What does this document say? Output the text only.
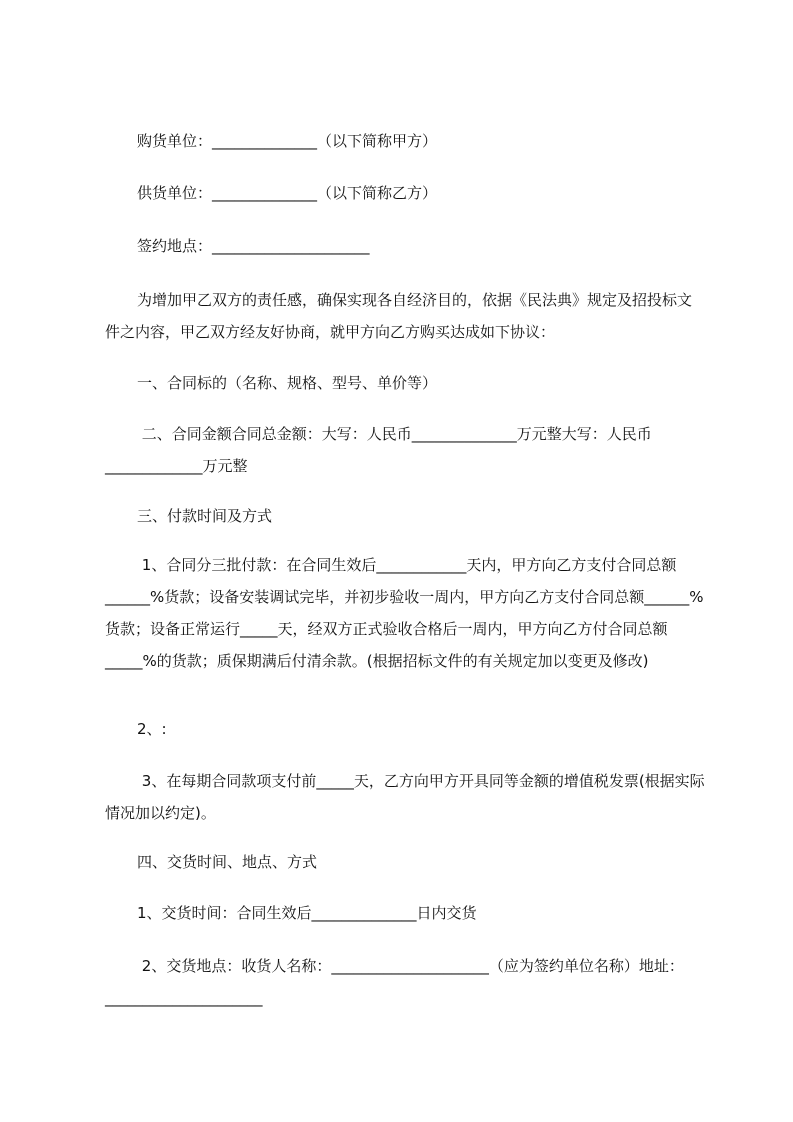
购货单位：______________（以下简称甲方）
供货单位：______________（以下简称乙方）
签约地点：_____________________
为增加甲乙双方的责任感，确保实现各自经济目的，依据《民法典》规定及招投标文件之内容，甲乙双方经友好协商，就甲方向乙方购买达成如下协议：
一、合同标的（名称、规格、型号、单价等）
二、合同金额合同总金额：大写：人民币______________万元整大写：人民币_____________万元整
三、付款时间及方式
1、合同分三批付款：在合同生效后____________天内，甲方向乙方支付合同总额______%货款；设备安装调试完毕，并初步验收一周内，甲方向乙方支付合同总额______%货款；设备正常运行_____天，经双方正式验收合格后一周内，甲方向乙方付合同总额_____%的货款；质保期满后付清余款。(根据招标文件的有关规定加以变更及修改)
2、:
3、在每期合同款项支付前_____天，乙方向甲方开具同等金额的增值税发票(根据实际情况加以约定)。
四、交货时间、地点、方式
1、交货时间：合同生效后______________日内交货
2、交货地点：收货人名称：_____________________（应为签约单位名称）地址：_____________________
